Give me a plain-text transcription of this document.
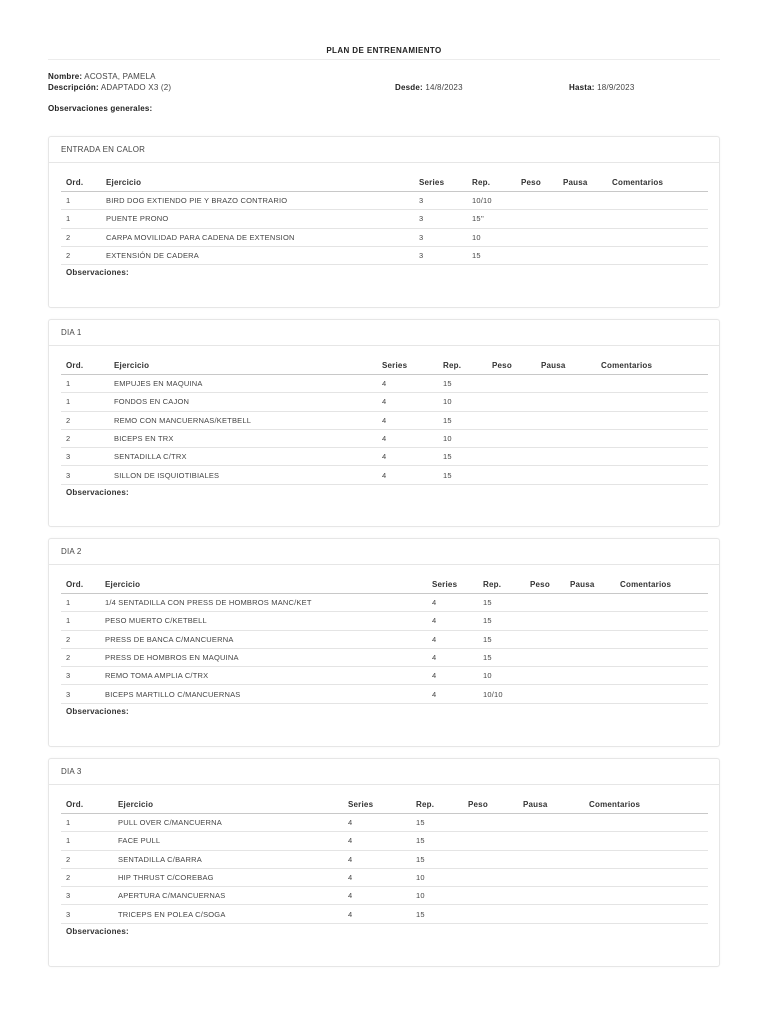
PLAN DE ENTRENAMIENTO
Nombre: ACOSTA, PAMELA
Descripción: ADAPTADO X3 (2)	Desde: 14/8/2023	Hasta: 18/9/2023
Observaciones generales:
ENTRADA EN CALOR
Ord.	Ejercicio	Series	Rep.	Peso	Pausa	Comentarios
1	BIRD DOG EXTIENDO PIE Y BRAZO CONTRARIO	3	10/10			
1	PUENTE PRONO	3	15''			
2	CARPA MOVILIDAD PARA CADENA DE EXTENSION	3	10			
2	EXTENSIÓN DE CADERA	3	15			
Observaciones:
DIA 1
Ord.	Ejercicio	Series	Rep.	Peso	Pausa	Comentarios
1	EMPUJES EN MAQUINA	4	15			
1	FONDOS EN CAJON	4	10			
2	REMO CON MANCUERNAS/KETBELL	4	15			
2	BICEPS EN TRX	4	10			
3	SENTADILLA C/TRX	4	15			
3	SILLON DE ISQUIOTIBIALES	4	15			
Observaciones:
DIA 2
Ord.	Ejercicio	Series	Rep.	Peso	Pausa	Comentarios
1	1/4 SENTADILLA CON PRESS DE HOMBROS MANC/KET	4	15			
1	PESO MUERTO C/KETBELL	4	15			
2	PRESS DE BANCA C/MANCUERNA	4	15			
2	PRESS DE HOMBROS EN MAQUINA	4	15			
3	REMO TOMA AMPLIA C/TRX	4	10			
3	BICEPS MARTILLO C/MANCUERNAS	4	10/10			
Observaciones:
DIA 3
Ord.	Ejercicio	Series	Rep.	Peso	Pausa	Comentarios
1	PULL OVER C/MANCUERNA	4	15			
1	FACE PULL	4	15			
2	SENTADILLA C/BARRA	4	15			
2	HIP THRUST C/COREBAG	4	10			
3	APERTURA C/MANCUERNAS	4	10			
3	TRICEPS EN POLEA C/SOGA	4	15			
Observaciones:
